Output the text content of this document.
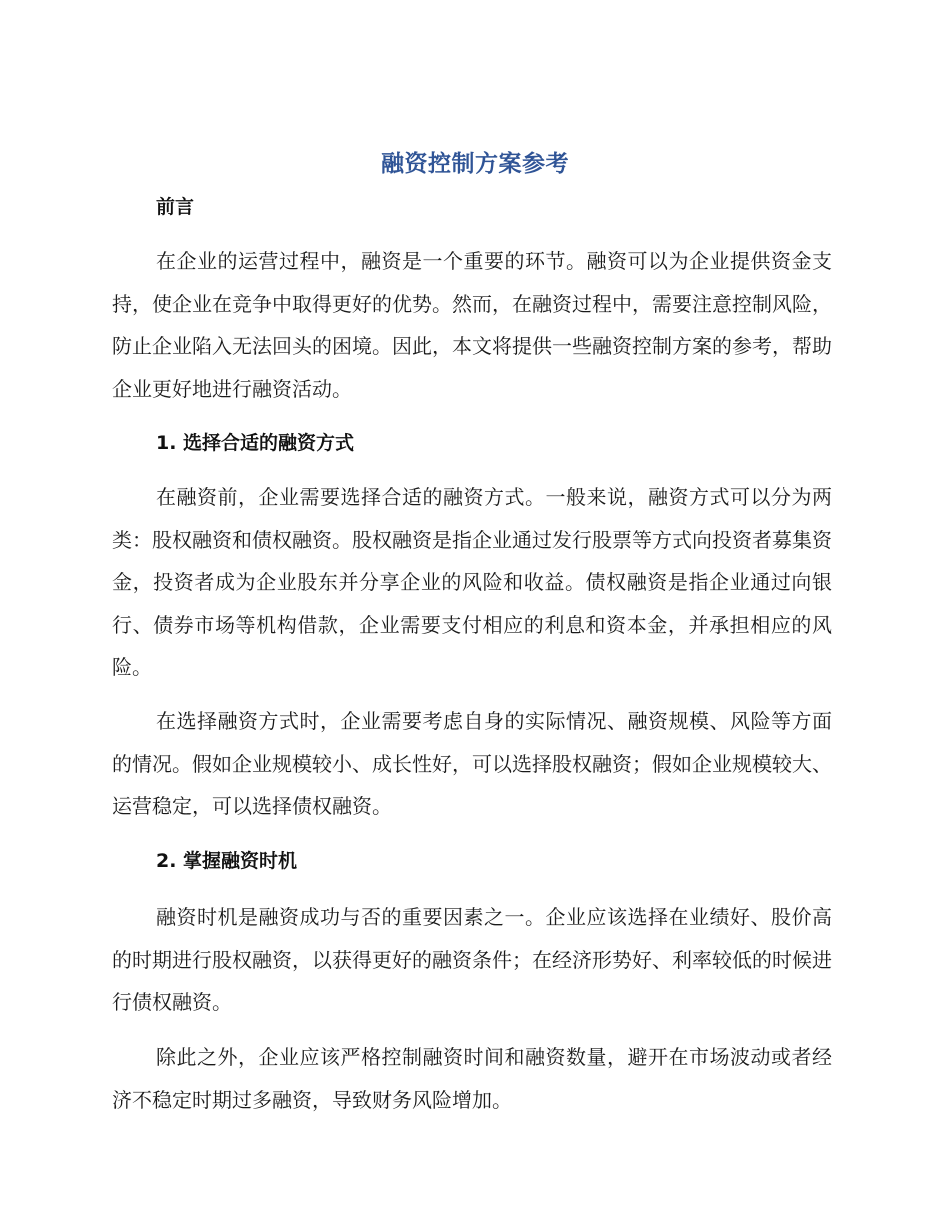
融资控制方案参考
前言

在企业的运营过程中，融资是一个重要的环节。融资可以为企业提供资金支持，使企业在竞争中取得更好的优势。然而，在融资过程中，需要注意控制风险，防止企业陷入无法回头的困境。因此，本文将提供一些融资控制方案的参考，帮助企业更好地进行融资活动。

1. 选择合适的融资方式

在融资前，企业需要选择合适的融资方式。一般来说，融资方式可以分为两类：股权融资和债权融资。股权融资是指企业通过发行股票等方式向投资者募集资金，投资者成为企业股东并分享企业的风险和收益。债权融资是指企业通过向银行、债券市场等机构借款，企业需要支付相应的利息和资本金，并承担相应的风险。

在选择融资方式时，企业需要考虑自身的实际情况、融资规模、风险等方面的情况。假如企业规模较小、成长性好，可以选择股权融资；假如企业规模较大、运营稳定，可以选择债权融资。

2. 掌握融资时机

融资时机是融资成功与否的重要因素之一。企业应该选择在业绩好、股价高的时期进行股权融资，以获得更好的融资条件；在经济形势好、利率较低的时候进行债权融资。

除此之外，企业应该严格控制融资时间和融资数量，避开在市场波动或者经济不稳定时期过多融资，导致财务风险增加。
